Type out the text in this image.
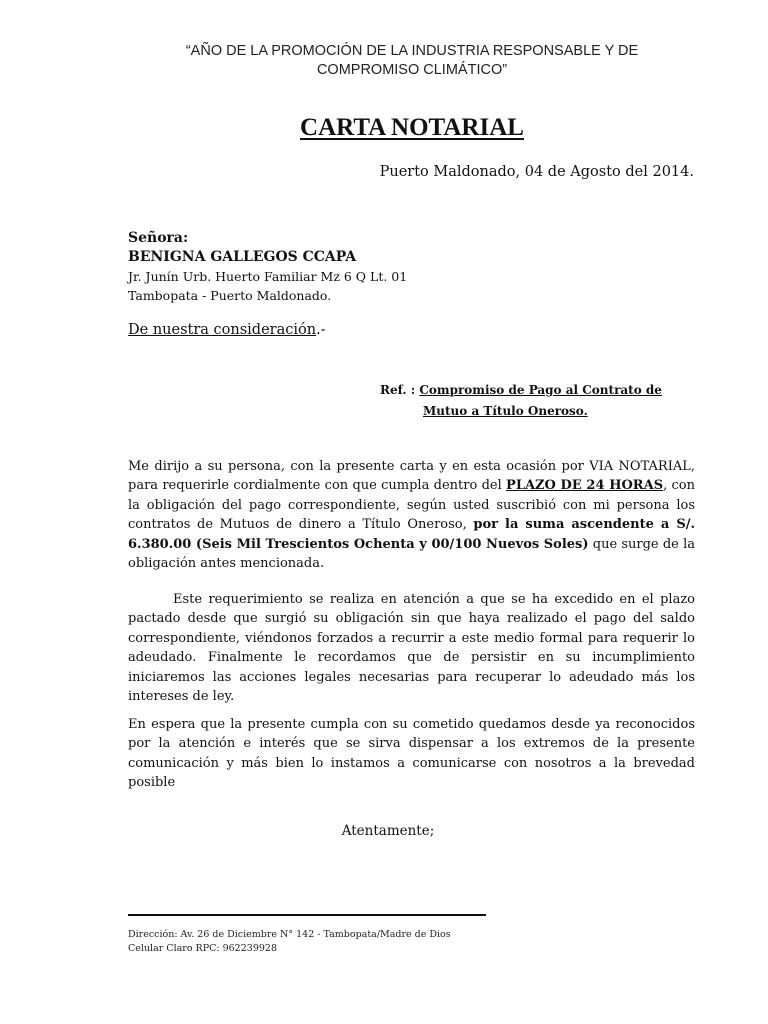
“AÑO DE LA PROMOCIÓN DE LA INDUSTRIA RESPONSABLE Y DE
COMPROMISO CLIMÁTICO”
CARTA NOTARIAL
Puerto Maldonado, 04 de Agosto del 2014.
Señora:
BENIGNA GALLEGOS CCAPA
Jr. Junín Urb. Huerto Familiar Mz 6 Q Lt. 01
Tambopata - Puerto Maldonado.
De nuestra consideración.-
Ref. : Compromiso de Pago al Contrato de
Mutuo a Título Oneroso.
Me dirijo a su persona, con la presente carta y en esta ocasión por VIA NOTARIAL, para requerirle cordialmente con que cumpla dentro del PLAZO DE 24 HORAS, con la obligación del pago correspondiente, según usted suscribió con mi persona los contratos de Mutuos de dinero a Título Oneroso, por la suma ascendente a S/. 6.380.00 (Seis Mil Trescientos Ochenta y 00/100 Nuevos Soles) que surge de la obligación antes mencionada.
Este requerimiento se realiza en atención a que se ha excedido en el plazo pactado desde que surgió su obligación sin que haya realizado el pago del saldo correspondiente, viéndonos forzados a recurrir a este medio formal para requerir lo adeudado. Finalmente le recordamos que de persistir en su incumplimiento iniciaremos las acciones legales necesarias para recuperar lo adeudado más los intereses de ley.
En espera que la presente cumpla con su cometido quedamos desde ya reconocidos por la atención e interés que se sirva dispensar a los extremos de la presente comunicación y más bien lo instamos a comunicarse con nosotros a la brevedad posible
Atentamente;
Dirección: Av. 26 de Diciembre N° 142 - Tambopata/Madre de Dios
Celular Claro RPC: 962239928
